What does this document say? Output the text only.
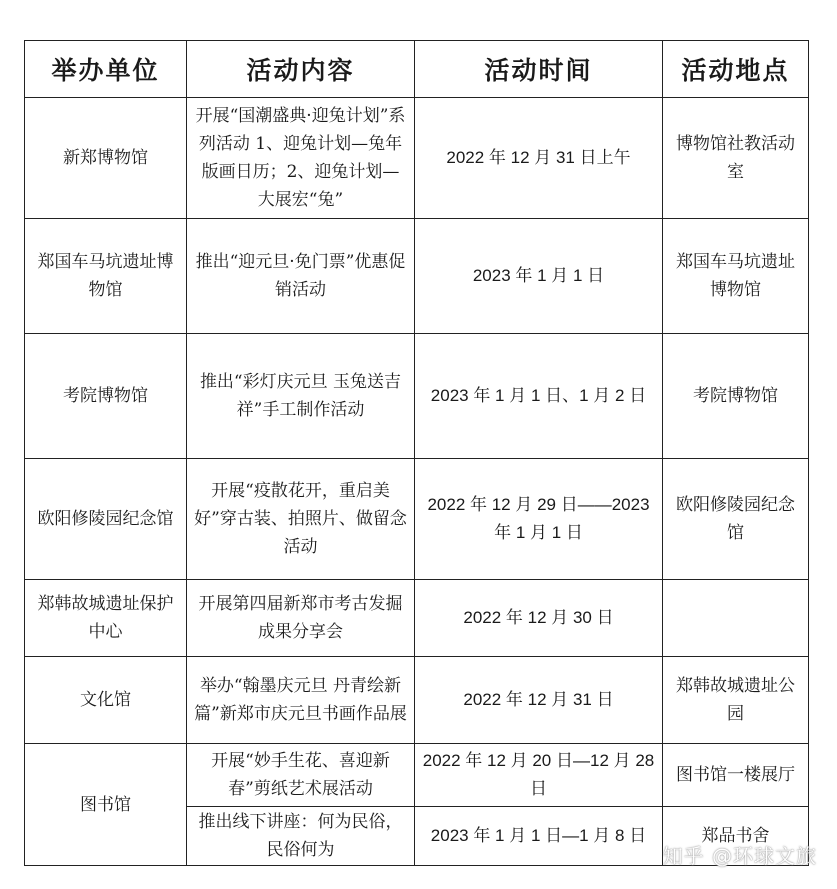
举办单位	活动内容	活动时间	活动地点
新郑博物馆	开展“国潮盛典·迎兔计划”系列活动 1、迎兔计划—兔年版画日历；2、迎兔计划—大展宏“兔”	2022 年 12 月 31 日上午	博物馆社教活动室
郑国车马坑遗址博物馆	推出“迎元旦·免门票”优惠促销活动	2023 年 1 月 1 日	郑国车马坑遗址博物馆
考院博物馆	推出“彩灯庆元旦 玉兔送吉祥”手工制作活动	2023 年 1 月 1 日、1 月 2 日	考院博物馆
欧阳修陵园纪念馆	开展“疫散花开，重启美好”穿古装、拍照片、做留念活动	2022 年 12 月 29 日——2023 年 1 月 1 日	欧阳修陵园纪念馆
郑韩故城遗址保护中心	开展第四届新郑市考古发掘成果分享会	2022 年 12 月 30 日	
文化馆	举办“翰墨庆元旦 丹青绘新篇”新郑市庆元旦书画作品展	2022 年 12 月 31 日	郑韩故城遗址公园
图书馆	开展“妙手生花、喜迎新春”剪纸艺术展活动	2022 年 12 月 20 日—12 月 28 日	图书馆一楼展厅
	推出线下讲座：何为民俗，民俗何为	2023 年 1 月 1 日—1 月 8 日	郑品书舍
知乎 @环球文旅
